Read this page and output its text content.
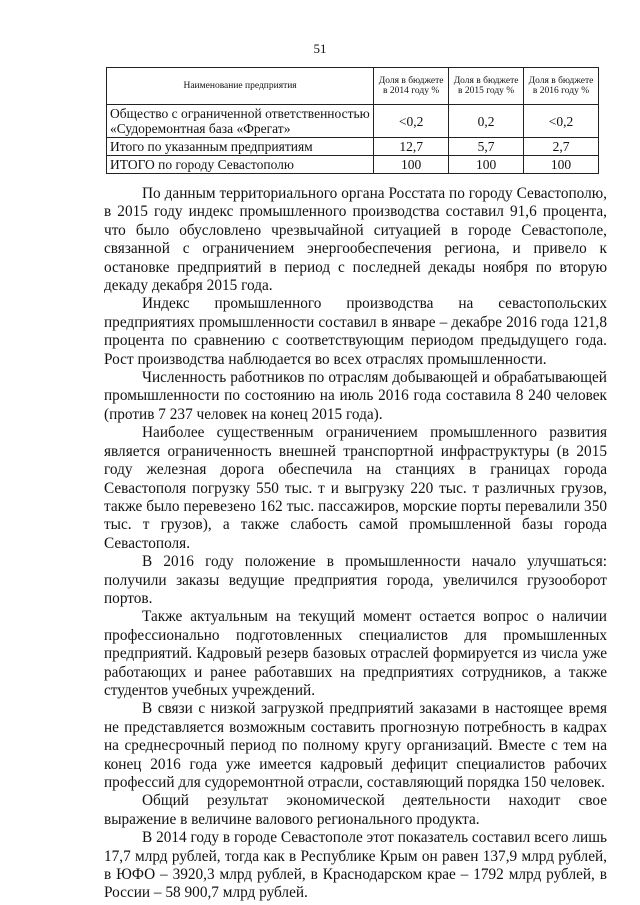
51
Наименование предприятия	Доля в бюджете в 2014 году %	Доля в бюджете в 2015 году %	Доля в бюджете в 2016 году %
Общество с ограниченной ответственностью «Судоремонтная база «Фрегат»	<0,2	0,2	<0,2
Итого по указанным предприятиям	12,7	5,7	2,7
ИТОГО по городу Севастополю	100	100	100

По данным территориального органа Росстата по городу Севастополю, в 2015 году индекс промышленного производства составил 91,6 процента, что было обусловлено чрезвычайной ситуацией в городе Севастополе, связанной с ограничением энергообеспечения региона, и привело к остановке предприятий в период с последней декады ноября по вторую декаду декабря 2015 года.

Индекс промышленного производства на севастопольских предприятиях промышленности составил в январе – декабре 2016 года 121,8 процента по сравнению с соответствующим периодом предыдущего года. Рост производства наблюдается во всех отраслях промышленности.

Численность работников по отраслям добывающей и обрабатывающей промышленности по состоянию на июль 2016 года составила 8 240 человек (против 7 237 человек на конец 2015 года).

Наиболее существенным ограничением промышленного развития является ограниченность внешней транспортной инфраструктуры (в 2015 году железная дорога обеспечила на станциях в границах города Севастополя погрузку 550 тыс. т и выгрузку 220 тыс. т различных грузов, также было перевезено 162 тыс. пассажиров, морские порты перевалили 350 тыс. т грузов), а также слабость самой промышленной базы города Севастополя.

В 2016 году положение в промышленности начало улучшаться: получили заказы ведущие предприятия города, увеличился грузооборот портов.

Также актуальным на текущий момент остается вопрос о наличии профессионально подготовленных специалистов для промышленных предприятий. Кадровый резерв базовых отраслей формируется из числа уже работающих и ранее работавших на предприятиях сотрудников, а также студентов учебных учреждений.

В связи с низкой загрузкой предприятий заказами в настоящее время не представляется возможным составить прогнозную потребность в кадрах на среднесрочный период по полному кругу организаций. Вместе с тем на конец 2016 года уже имеется кадровый дефицит специалистов рабочих профессий для судоремонтной отрасли, составляющий порядка 150 человек.

Общий результат экономической деятельности находит свое выражение в величине валового регионального продукта.

В 2014 году в городе Севастополе этот показатель составил всего лишь 17,7 млрд рублей, тогда как в Республике Крым он равен 137,9 млрд рублей, в ЮФО – 3920,3 млрд рублей, в Краснодарском крае – 1792 млрд рублей, в России – 58 900,7 млрд рублей.
